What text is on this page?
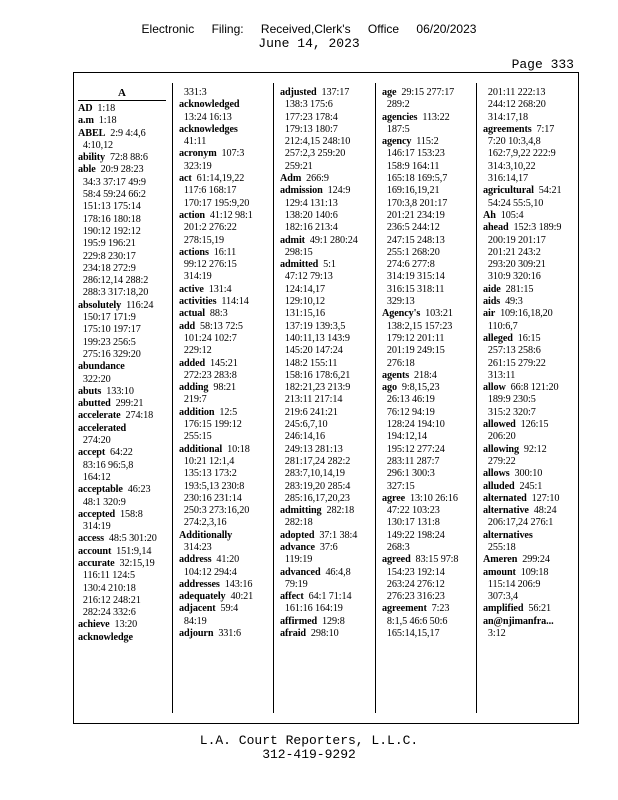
Electronic Filing: Received,Clerk's Office 06/20/2023
June 14, 2023
Page 333
A
AD 1:18
a.m 1:18
ABEL 2:9 4:4,6
4:10,12
ability 72:8 88:6
able 20:9 28:23
34:3 37:17 49:9
58:4 59:24 66:2
151:13 175:14
178:16 180:18
190:12 192:12
195:9 196:21
229:8 230:17
234:18 272:9
286:12,14 288:2
288:3 317:18,20
absolutely 116:24
150:17 171:9
175:10 197:17
199:23 256:5
275:16 329:20
abundance
322:20
abuts 133:10
abutted 299:21
accelerate 274:18
accelerated
274:20
accept 64:22
83:16 96:5,8
164:12
acceptable 46:23
48:1 320:9
accepted 158:8
314:19
access 48:5 301:20
account 151:9,14
accurate 32:15,19
116:11 124:5
130:4 210:18
216:12 248:21
282:24 332:6
achieve 13:20
acknowledge
331:3
acknowledged
13:24 16:13
acknowledges
41:11
acronym 107:3
323:19
act 61:14,19,22
117:6 168:17
170:17 195:9,20
action 41:12 98:1
201:2 276:22
278:15,19
actions 16:11
99:12 276:15
314:19
active 131:4
activities 114:14
actual 88:3
add 58:13 72:5
101:24 102:7
229:12
added 145:21
272:23 283:8
adding 98:21
219:7
addition 12:5
176:15 199:12
255:15
additional 10:18
10:21 12:1,4
135:13 173:2
193:5,13 230:8
230:16 231:14
250:3 273:16,20
274:2,3,16
Additionally
314:23
address 41:20
104:12 294:4
addresses 143:16
adequately 40:21
adjacent 59:4
84:19
adjourn 331:6
adjusted 137:17
138:3 175:6
177:23 178:4
179:13 180:7
212:4,15 248:10
257:2,3 259:20
259:21
Adm 266:9
admission 124:9
129:4 131:13
138:20 140:6
182:16 213:4
admit 49:1 280:24
298:15
admitted 5:1
47:12 79:13
124:14,17
129:10,12
131:15,16
137:19 139:3,5
140:11,13 143:9
145:20 147:24
148:2 155:11
158:16 178:6,21
182:21,23 213:9
213:11 217:14
219:6 241:21
245:6,7,10
246:14,16
249:13 281:13
281:17,24 282:2
283:7,10,14,19
283:19,20 285:4
285:16,17,20,23
admitting 282:18
282:18
adopted 37:1 38:4
advance 37:6
119:19
advanced 46:4,8
79:19
affect 64:1 71:14
161:16 164:19
affirmed 129:8
afraid 298:10
age 29:15 277:17
289:2
agencies 113:22
187:5
agency 115:2
146:17 153:23
158:9 164:11
165:18 169:5,7
169:16,19,21
170:3,8 201:17
201:21 234:19
236:5 244:12
247:15 248:13
255:1 268:20
274:6 277:8
314:19 315:14
316:15 318:11
329:13
Agency's 103:21
138:2,15 157:23
179:12 201:11
201:19 249:15
276:18
agents 218:4
ago 9:8,15,23
26:13 46:19
76:12 94:19
128:24 194:10
194:12,14
195:12 277:24
283:11 287:7
296:1 300:3
327:15
agree 13:10 26:16
47:22 103:23
130:17 131:8
149:22 198:24
268:3
agreed 83:15 97:8
154:23 192:14
263:24 276:12
276:23 316:23
agreement 7:23
8:1,5 46:6 50:6
165:14,15,17
201:11 222:13
244:12 268:20
314:17,18
agreements 7:17
7:20 10:3,4,8
162:7,9,22 222:9
314:3,10,22
316:14,17
agricultural 54:21
54:24 55:5,10
Ah 105:4
ahead 152:3 189:9
200:19 201:17
201:21 243:2
293:20 309:21
310:9 320:16
aide 281:15
aids 49:3
air 109:16,18,20
110:6,7
alleged 16:15
257:13 258:6
261:15 279:22
313:11
allow 66:8 121:20
189:9 230:5
315:2 320:7
allowed 126:15
206:20
allowing 92:12
279:22
allows 300:10
alluded 245:1
alternated 127:10
alternative 48:24
206:17,24 276:1
alternatives
255:18
Ameren 299:24
amount 109:18
115:14 206:9
307:3,4
amplified 56:21
an@njimanfra...
3:12
L.A. Court Reporters, L.L.C.
312-419-9292
